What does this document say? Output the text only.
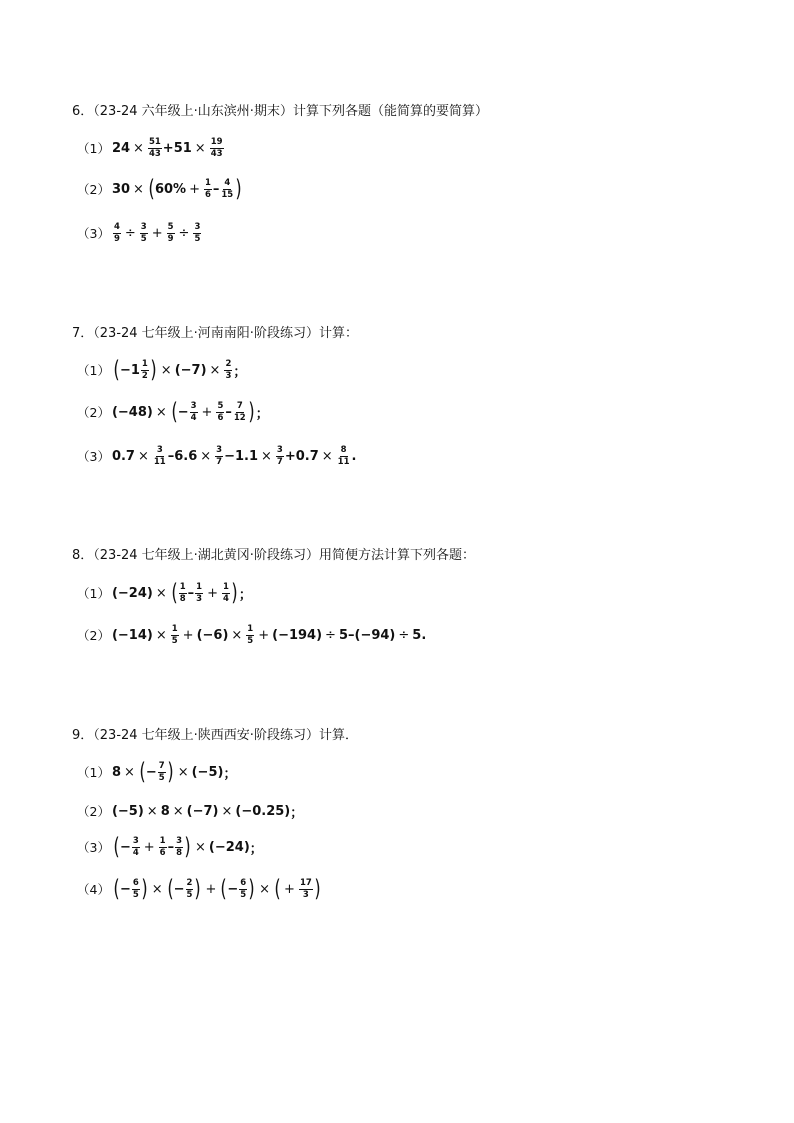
6．（23-24 六年级上·山东滨州·期末）计算下列各题（能简算的要简算）
（1） $24 \times \frac{51}{43} +51 \times \frac{19}{43}$
（2） 30 × ( $60\% + \frac{1}{6} - \frac{4}{15}$ )
$(3) \frac{4}{9} \div \frac{3}{5} + \frac{5}{9} \div \frac{3}{5}$
7．（23-24 七年级上·河南南阳·阶段练习）计算：
（1） ( $-1 \frac{1}{2}$ ) × $(-7) \times \frac{2}{3}$ ；
（2） (−48) × ( − $\frac{3}{4} + \frac{5}{6} - \frac{7}{12}$ ) ；
（3） $0.7 \times \frac{3}{11} -6.6 \times \frac{3}{7} -1.1 \times \frac{3}{7} +0.7 \times \frac{8}{11}$ .
8．（23-24 七年级上·湖北黄冈·阶段练习）用简便方法计算下列各题：
（1） (−24) × ( $\frac{1}{8} - \frac{1}{3} + \frac{1}{4}$ ) ；
（2） $(-14) \times \frac{1}{5} + (-6) \times \frac{1}{5} + (-194) \div 5-(-94) \div 5$ .
9．（23-24 七年级上·陕西西安·阶段练习）计算．
（1） 8 × ( − $\frac{7}{5}$ ) × (−5) ；
（2） (−5) × 8 × (−7) × (−0.25) ；
（3） ( − $\frac{3}{4} + \frac{1}{6} - \frac{3}{8}$ ) × (−24) ；
（4） ( − $\frac{6}{5}$ ) × ( − $\frac{2}{5}$ ) + ( − $\frac{6}{5}$ ) × ( + $\frac{17}{3}$ )
